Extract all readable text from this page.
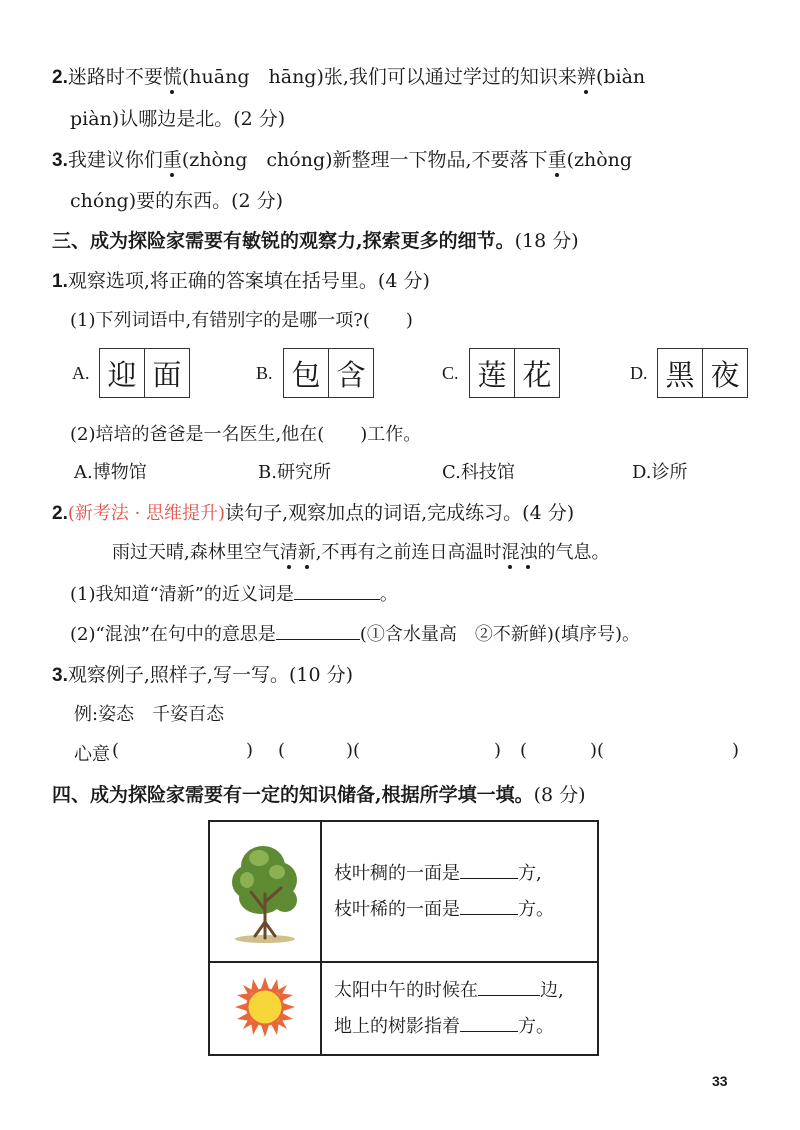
2.迷路时不要慌(huāng　hāng)张,我们可以通过学过的知识来辨(biàn
piàn)认哪边是北。(2 分)
3.我建议你们重(zhòng　chóng)新整理一下物品,不要落下重(zhòng
chóng)要的东西。(2 分)
三、成为探险家需要有敏锐的观察力,探索更多的细节。(18 分)
1.观察选项,将正确的答案填在括号里。(4 分)
(1)下列词语中,有错别字的是哪一项?(　　)
A. 迎 面	B. 包 含	C. 莲 花	D. 黑 夜
(2)培培的爸爸是一名医生,他在(　　)工作。
A.博物馆	B.研究所	C.科技馆	D.诊所
2.(新考法 · 思维提升)读句子,观察加点的词语,完成练习。(4 分)
雨过天晴,森林里空气清新,不再有之前连日高温时混浊的气息。
(1)我知道“清新”的近义词是	。
(2)“混浊”在句中的意思是	(①含水量高　②不新鲜)(填序号)。
3.观察例子,照样子,写一写。(10 分)
例:姿态　千姿百态
心意 (	) (	)(	) (	)(	)
四、成为探险家需要有一定的知识储备,根据所学填一填。(8 分)

枝叶稠的一面是 方,
枝叶稀的一面是 方。

太阳中午的时候在 边,
地上的树影指着 方。
33
